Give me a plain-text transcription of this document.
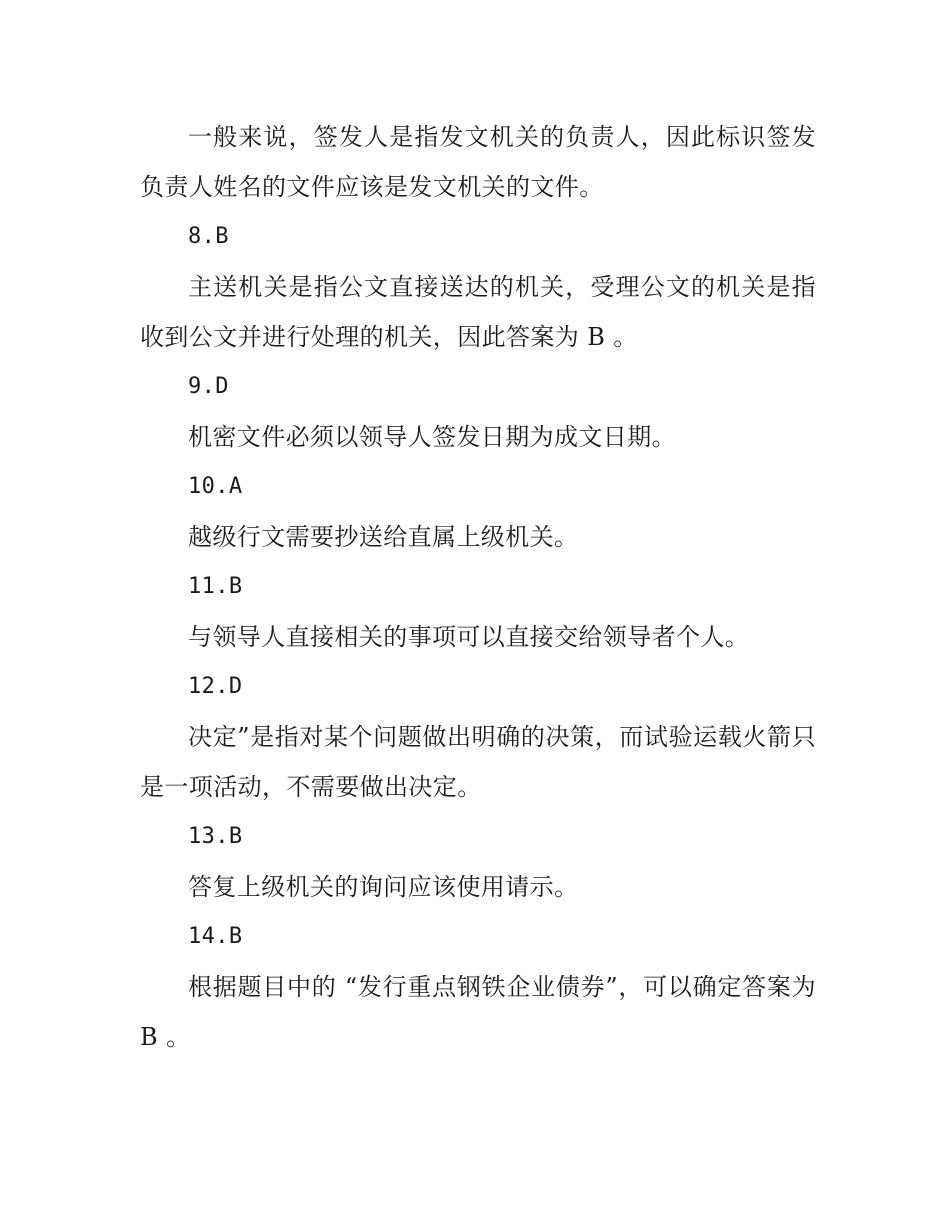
一般来说，签发人是指发文机关的负责人，因此标识签发负责人姓名的文件应该是发文机关的文件。

8.B

主送机关是指公文直接送达的机关，受理公文的机关是指收到公文并进行处理的机关，因此答案为 B 。

9.D

机密文件必须以领导人签发日期为成文日期。

10.A

越级行文需要抄送给直属上级机关。

11.B

与领导人直接相关的事项可以直接交给领导者个人。

12.D

决定”是指对某个问题做出明确的决策，而试验运载火箭只是一项活动，不需要做出决定。

13.B

答复上级机关的询问应该使用请示。

14.B

根据题目中的 “发行重点钢铁企业债券”，可以确定答案为 B 。
